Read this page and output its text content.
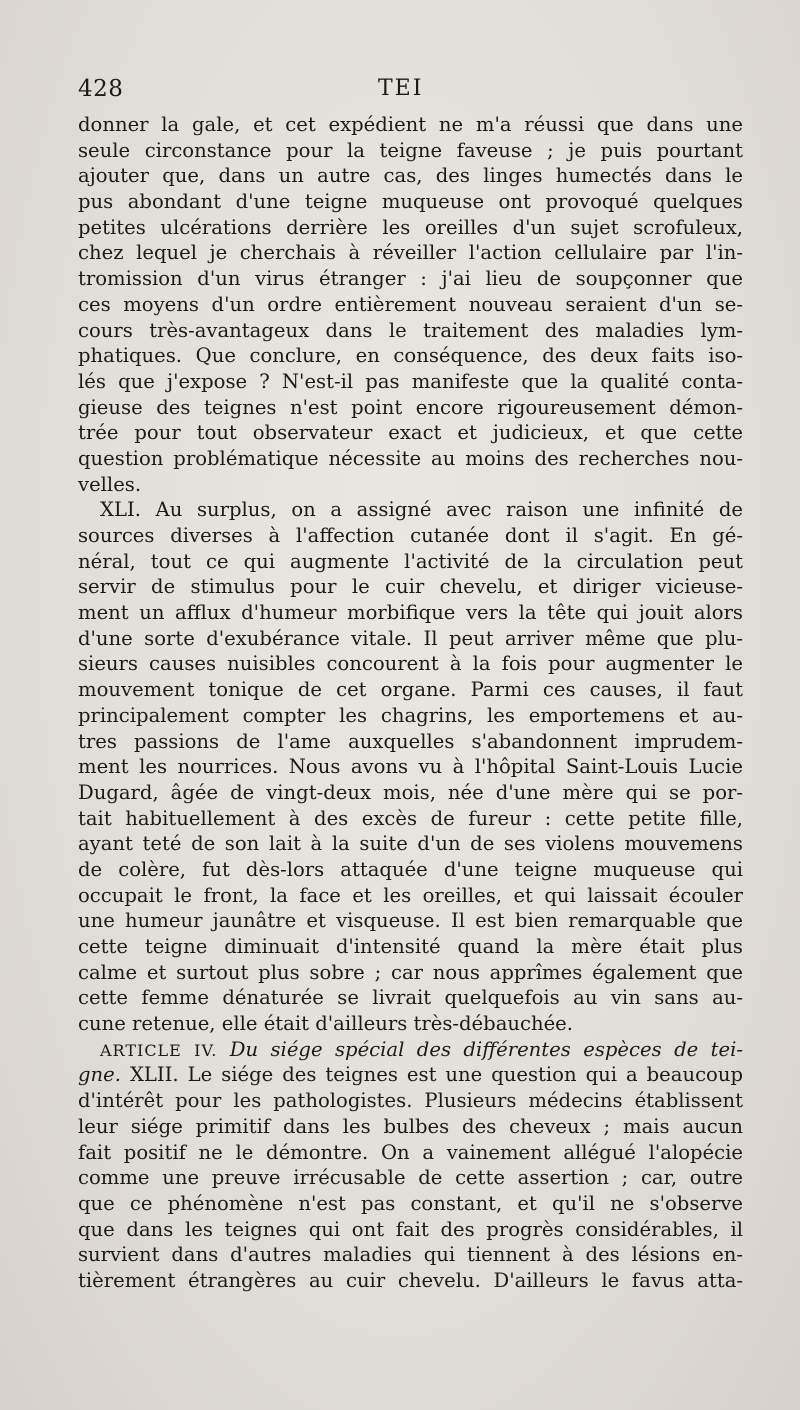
428	TEI
donner la gale, et cet expédient ne m'a réussi que dans une
seule circonstance pour la teigne faveuse ; je puis pourtant
ajouter que, dans un autre cas, des linges humectés dans le
pus abondant d'une teigne muqueuse ont provoqué quelques
petites ulcérations derrière les oreilles d'un sujet scrofuleux,
chez lequel je cherchais à réveiller l'action cellulaire par l'in-
tromission d'un virus étranger : j'ai lieu de soupçonner que
ces moyens d'un ordre entièrement nouveau seraient d'un se-
cours très-avantageux dans le traitement des maladies lym-
phatiques. Que conclure, en conséquence, des deux faits iso-
lés que j'expose ? N'est-il pas manifeste que la qualité conta-
gieuse des teignes n'est point encore rigoureusement démon-
trée pour tout observateur exact et judicieux, et que cette
question problématique nécessite au moins des recherches nou-
velles.
XLI. Au surplus, on a assigné avec raison une infinité de
sources diverses à l'affection cutanée dont il s'agit. En gé-
néral, tout ce qui augmente l'activité de la circulation peut
servir de stimulus pour le cuir chevelu, et diriger vicieuse-
ment un afflux d'humeur morbifique vers la tête qui jouit alors
d'une sorte d'exubérance vitale. Il peut arriver même que plu-
sieurs causes nuisibles concourent à la fois pour augmenter le
mouvement tonique de cet organe. Parmi ces causes, il faut
principalement compter les chagrins, les emportemens et au-
tres passions de l'ame auxquelles s'abandonnent imprudem-
ment les nourrices. Nous avons vu à l'hôpital Saint-Louis Lucie
Dugard, âgée de vingt-deux mois, née d'une mère qui se por-
tait habituellement à des excès de fureur : cette petite fille,
ayant teté de son lait à la suite d'un de ses violens mouvemens
de colère, fut dès-lors attaquée d'une teigne muqueuse qui
occupait le front, la face et les oreilles, et qui laissait écouler
une humeur jaunâtre et visqueuse. Il est bien remarquable que
cette teigne diminuait d'intensité quand la mère était plus
calme et surtout plus sobre ; car nous apprîmes également que
cette femme dénaturée se livrait quelquefois au vin sans au-
cune retenue, elle était d'ailleurs très-débauchée.
ARTICLE IV. Du siége spécial des différentes espèces de tei-
gne. XLII. Le siége des teignes est une question qui a beaucoup
d'intérêt pour les pathologistes. Plusieurs médecins établissent
leur siége primitif dans les bulbes des cheveux ; mais aucun
fait positif ne le démontre. On a vainement allégué l'alopécie
comme une preuve irrécusable de cette assertion ; car, outre
que ce phénomène n'est pas constant, et qu'il ne s'observe
que dans les teignes qui ont fait des progrès considérables, il
survient dans d'autres maladies qui tiennent à des lésions en-
tièrement étrangères au cuir chevelu. D'ailleurs le favus atta-
